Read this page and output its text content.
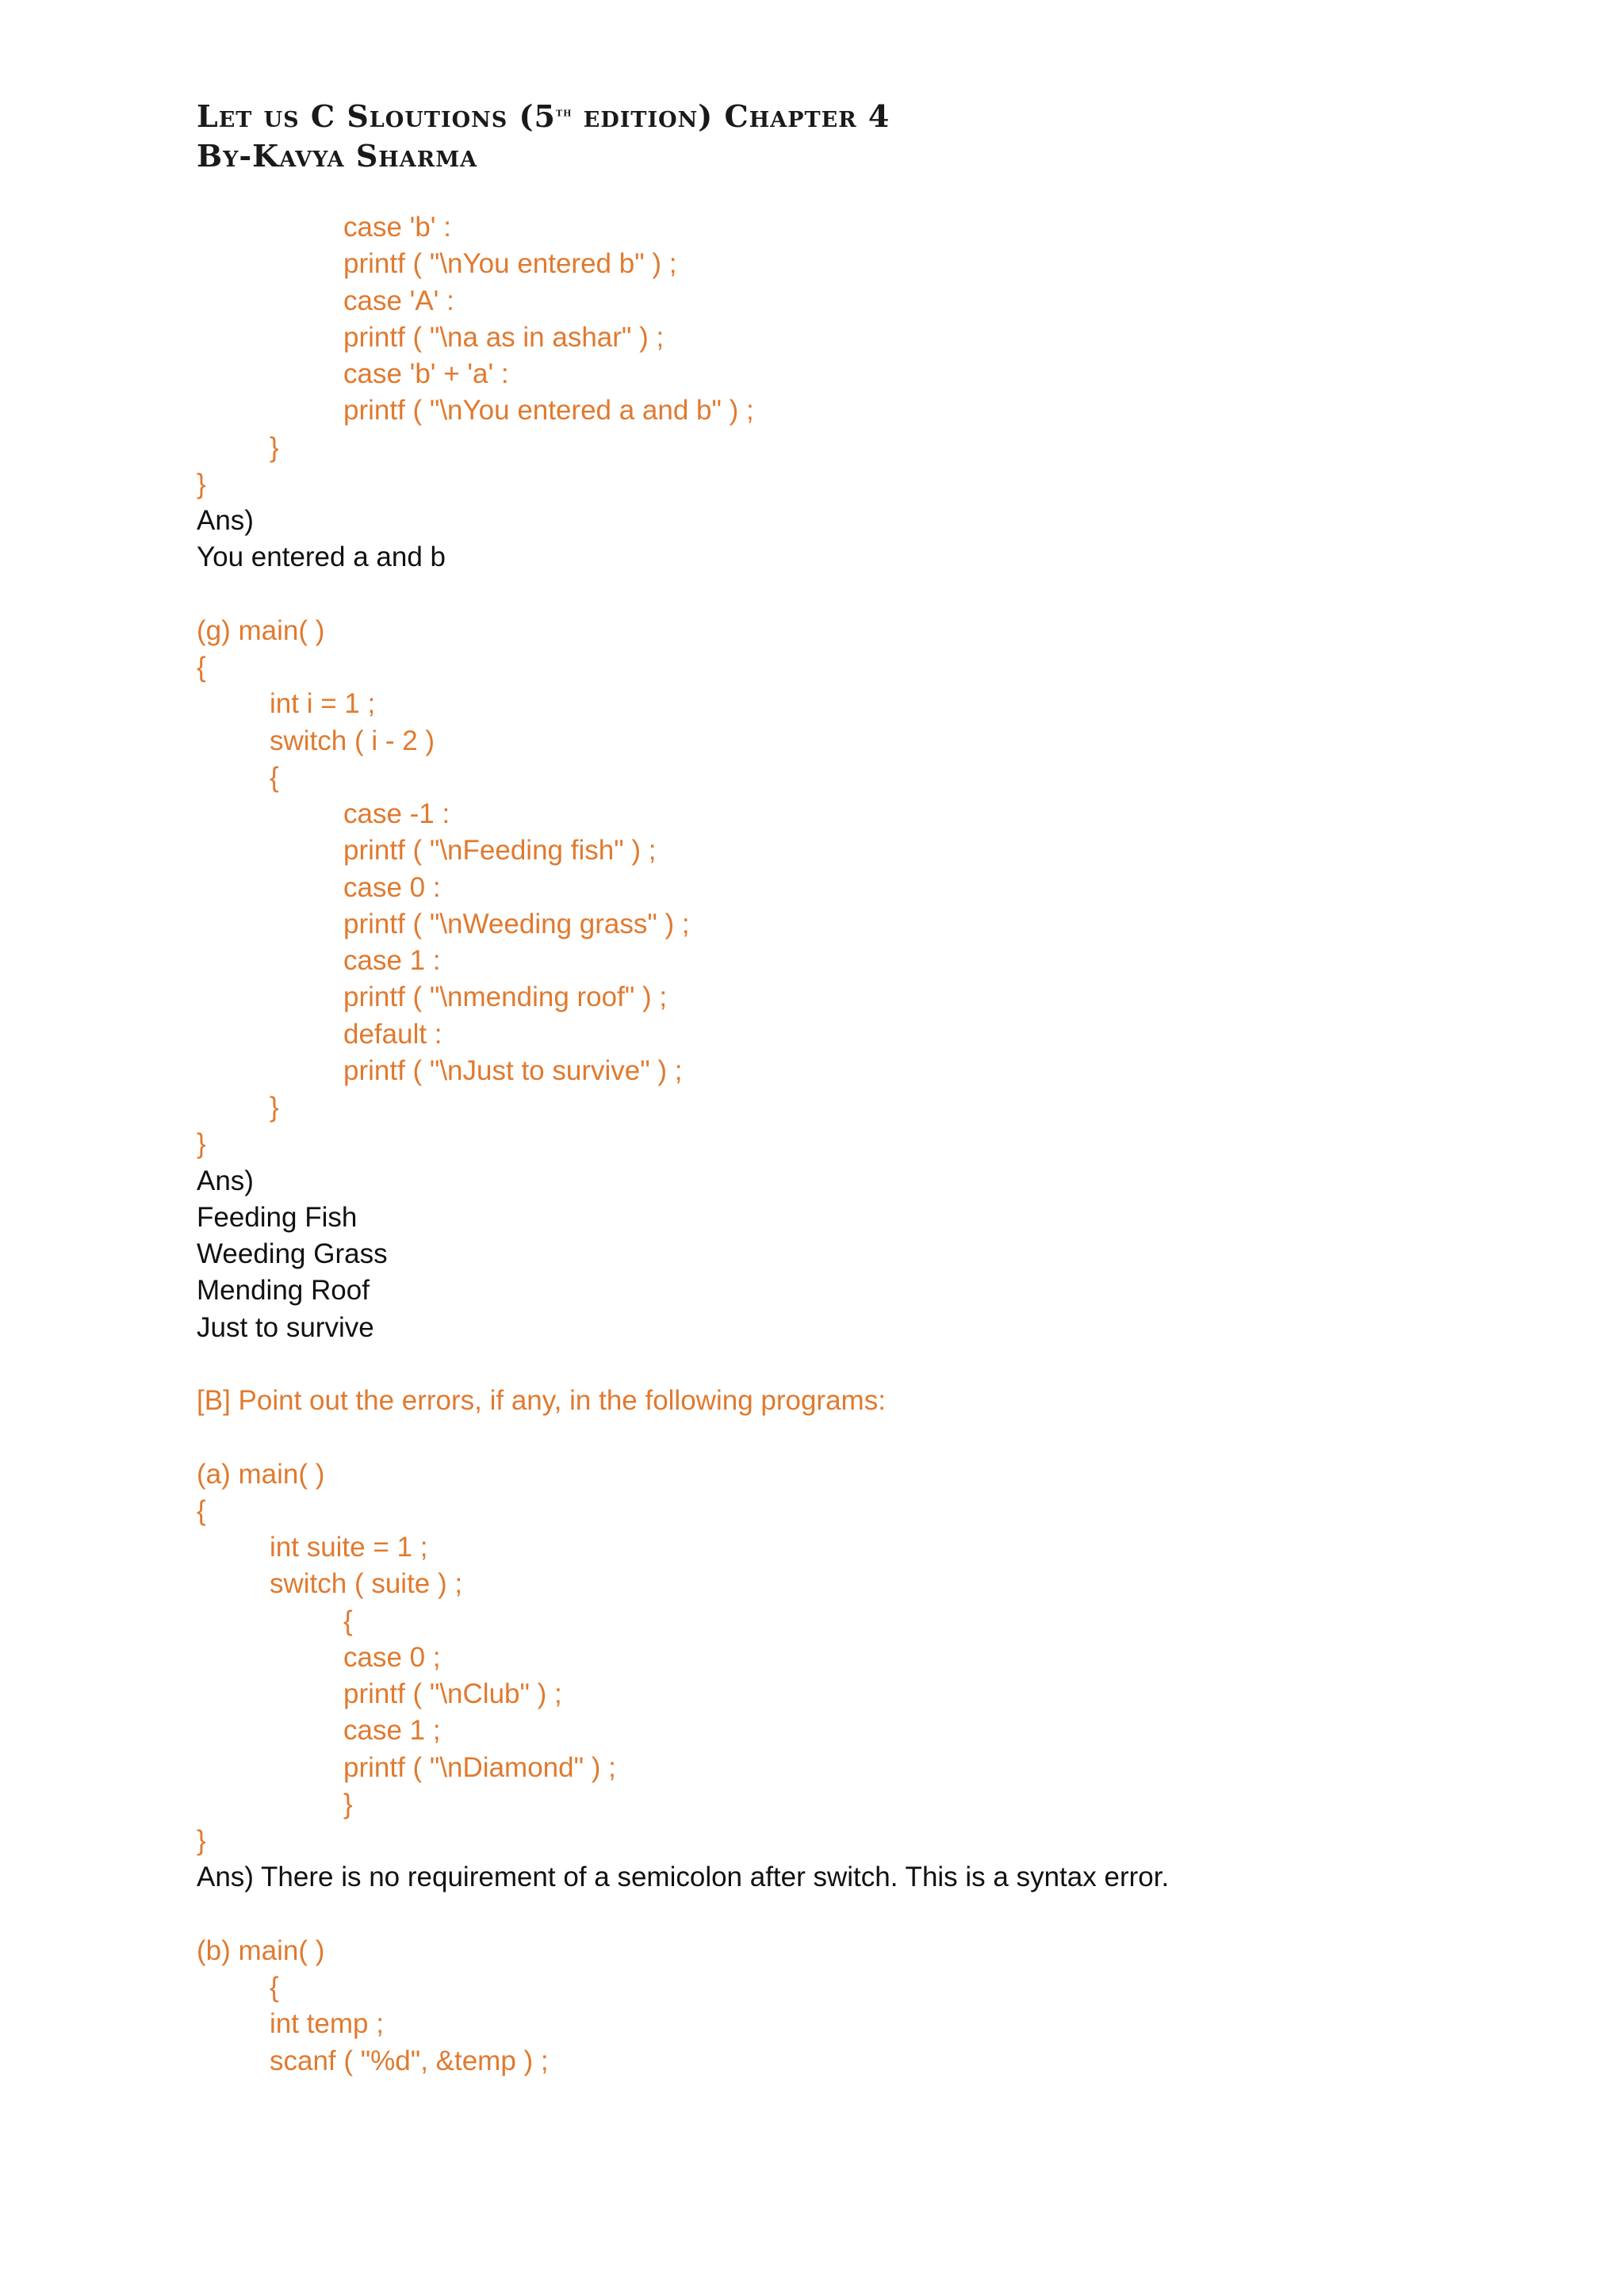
Let us C Sloutions (5th edition) Chapter 4
By-Kavya Sharma
case 'b' :
printf ( "\nYou entered b" ) ;
case 'A' :
printf ( "\na as in ashar" ) ;
case 'b' + 'a' :
printf ( "\nYou entered a and b" ) ;
}
}
Ans)
You entered a and b
(g) main( )
{
int i = 1 ;
switch ( i - 2 )
{
case -1 :
printf ( "\nFeeding fish" ) ;
case 0 :
printf ( "\nWeeding grass" ) ;
case 1 :
printf ( "\nmending roof" ) ;
default :
printf ( "\nJust to survive" ) ;
}
}
Ans)
Feeding Fish
Weeding Grass
Mending Roof
Just to survive
[B] Point out the errors, if any, in the following programs:
(a) main( )
{
int suite = 1 ;
switch ( suite ) ;
{
case 0 ;
printf ( "\nClub" ) ;
case 1 ;
printf ( "\nDiamond" ) ;
}
}
Ans) There is no requirement of a semicolon after switch. This is a syntax error.
(b) main( )
{
int temp ;
scanf ( "%d", &temp ) ;
